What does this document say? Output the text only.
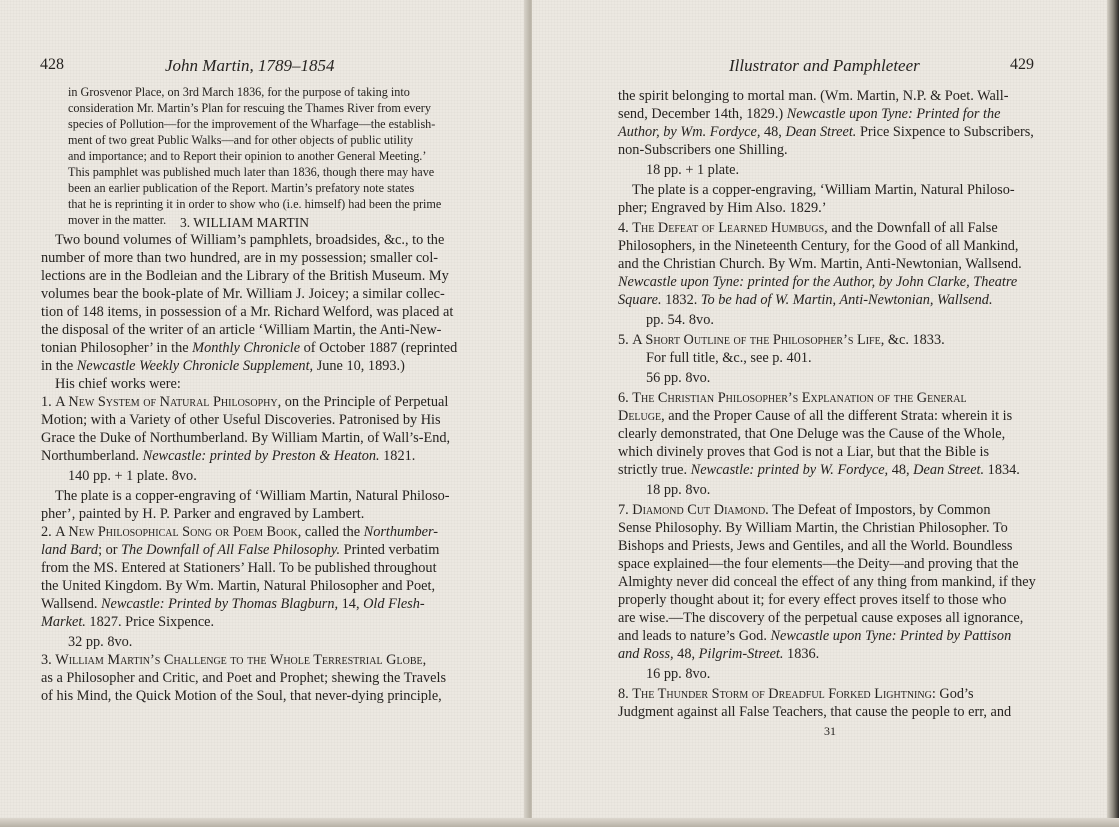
428	John Martin, 1789–1854
in Grosvenor Place, on 3rd March 1836, for the purpose of taking into
consideration Mr. Martin’s Plan for rescuing the Thames River from every
species of Pollution—for the improvement of the Wharfage—the establish-
ment of two great Public Walks—and for other objects of public utility
and importance; and to Report their opinion to another General Meeting.’
This pamphlet was published much later than 1836, though there may have
been an earlier publication of the Report. Martin’s prefatory note states
that he is reprinting it in order to show who (i.e. himself) had been the prime
mover in the matter.
Two bound volumes of William’s pamphlets, broadsides, &c., to the
number of more than two hundred, are in my possession; smaller col-
lections are in the Bodleian and the Library of the British Museum. My
volumes bear the book-plate of Mr. William J. Joicey; a similar collec-
tion of 148 items, in possession of a Mr. Richard Welford, was placed at
the disposal of the writer of an article ‘William Martin, the Anti-New-
tonian Philosopher’ in the Monthly Chronicle of October 1887 (reprinted
in the Newcastle Weekly Chronicle Supplement, June 10, 1893.)
His chief works were:
1. A New System of Natural Philosophy, on the Principle of Perpetual
Motion; with a Variety of other Useful Discoveries. Patronised by His
Grace the Duke of Northumberland. By William Martin, of Wall’s-End,
Northumberland. Newcastle: printed by Preston & Heaton. 1821.
140 pp. + 1 plate. 8vo.
The plate is a copper-engraving of ‘William Martin, Natural Philoso-
pher’, painted by H. P. Parker and engraved by Lambert.
2. A New Philosophical Song or Poem Book, called the Northumber-
land Bard; or The Downfall of All False Philosophy. Printed verbatim
from the MS. Entered at Stationers’ Hall. To be published throughout
the United Kingdom. By Wm. Martin, Natural Philosopher and Poet,
Wallsend. Newcastle: Printed by Thomas Blagburn, 14, Old Flesh-
Market. 1827. Price Sixpence.
32 pp. 8vo.
3. William Martin’s Challenge to the Whole Terrestrial Globe,
as a Philosopher and Critic, and Poet and Prophet; shewing the Travels
of his Mind, the Quick Motion of the Soul, that never-dying principle,
3. WILLIAM MARTIN
Illustrator and Pamphleteer	429
the spirit belonging to mortal man. (Wm. Martin, N.P. & Poet. Wall-
send, December 14th, 1829.) Newcastle upon Tyne: Printed for the
Author, by Wm. Fordyce, 48, Dean Street. Price Sixpence to Subscribers,
non-Subscribers one Shilling.
18 pp. + 1 plate.
The plate is a copper-engraving, ‘William Martin, Natural Philoso-
pher; Engraved by Him Also. 1829.’
4. The Defeat of Learned Humbugs, and the Downfall of all False
Philosophers, in the Nineteenth Century, for the Good of all Mankind,
and the Christian Church. By Wm. Martin, Anti-Newtonian, Wallsend.
Newcastle upon Tyne: printed for the Author, by John Clarke, Theatre
Square. 1832. To be had of W. Martin, Anti-Newtonian, Wallsend.
pp. 54. 8vo.
5. A Short Outline of the Philosopher’s Life, &c. 1833.
For full title, &c., see p. 401.
56 pp. 8vo.
6. The Christian Philosopher’s Explanation of the General
Deluge, and the Proper Cause of all the different Strata: wherein it is
clearly demonstrated, that One Deluge was the Cause of the Whole,
which divinely proves that God is not a Liar, but that the Bible is
strictly true. Newcastle: printed by W. Fordyce, 48, Dean Street. 1834.
18 pp. 8vo.
7. Diamond Cut Diamond. The Defeat of Impostors, by Common
Sense Philosophy. By William Martin, the Christian Philosopher. To
Bishops and Priests, Jews and Gentiles, and all the World. Boundless
space explained—the four elements—the Deity—and proving that the
Almighty never did conceal the effect of any thing from mankind, if they
properly thought about it; for every effect proves itself to those who
are wise.—The discovery of the perpetual cause exposes all ignorance,
and leads to nature’s God. Newcastle upon Tyne: Printed by Pattison
and Ross, 48, Pilgrim-Street. 1836.
16 pp. 8vo.
8. The Thunder Storm of Dreadful Forked Lightning: God’s
Judgment against all False Teachers, that cause the people to err, and
31
